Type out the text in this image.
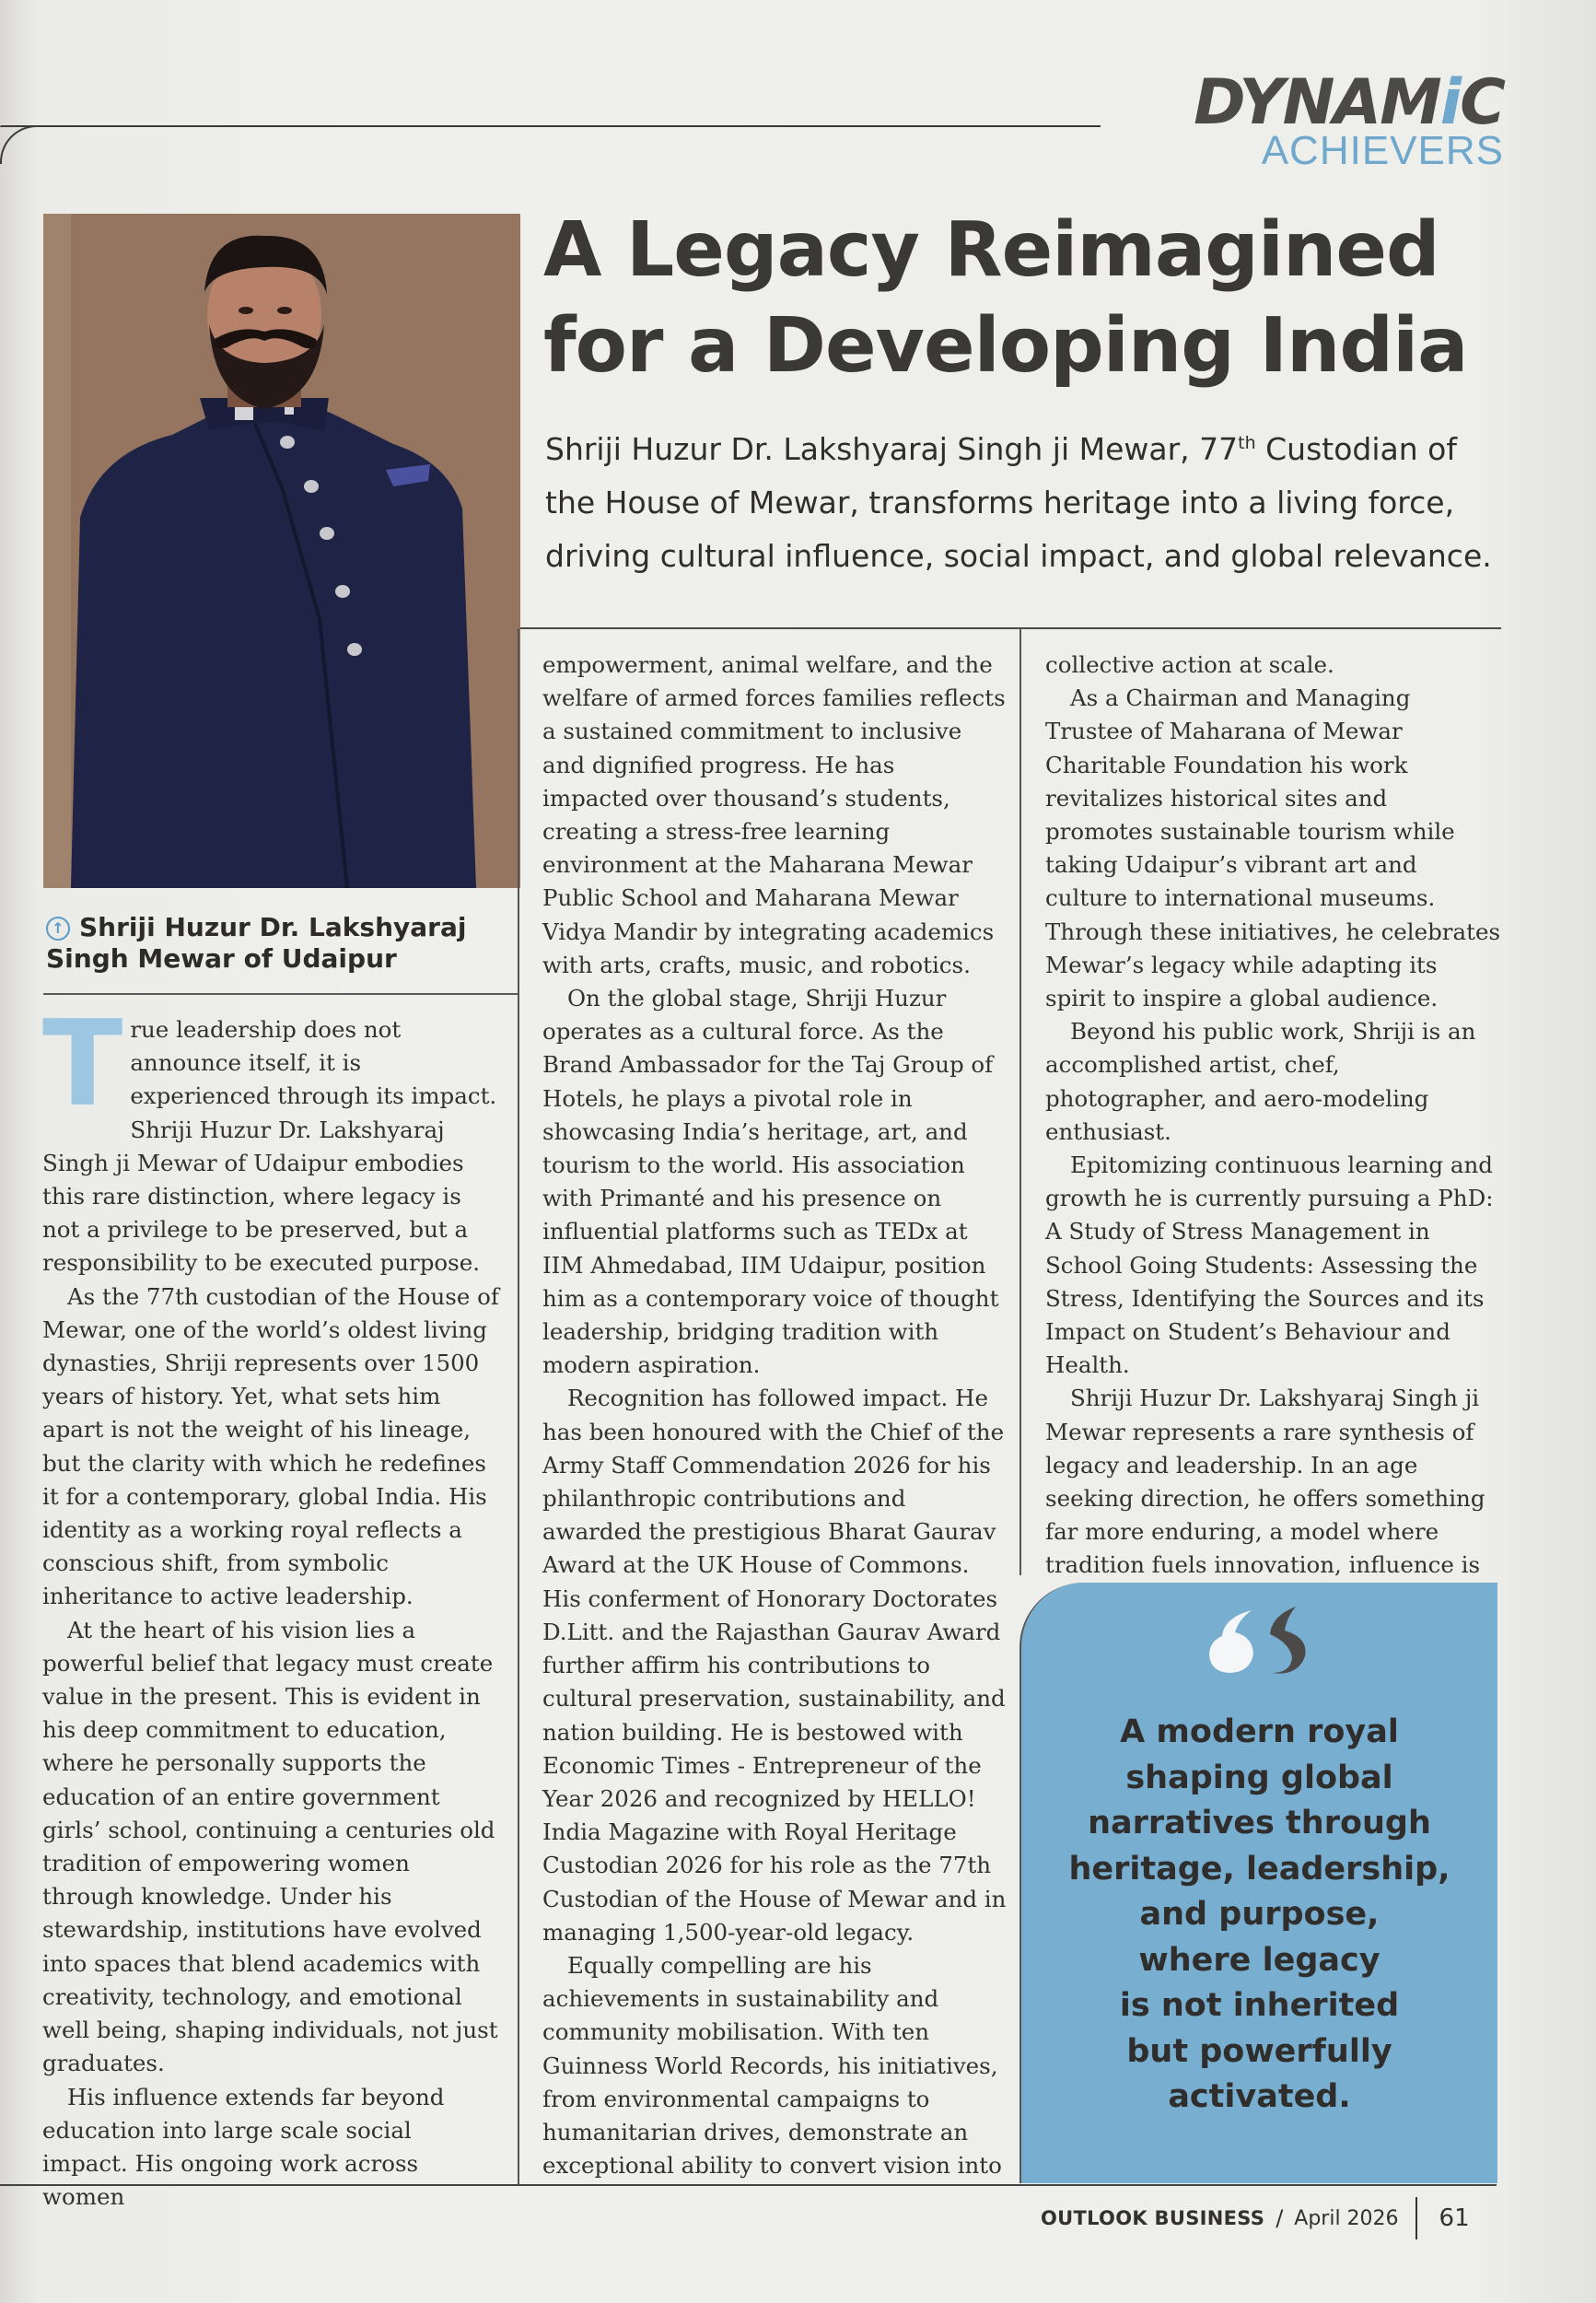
DYNAMiC
ACHIEVERS
↑ Shriji Huzur Dr. Lakshyaraj Singh Mewar of Udaipur
A Legacy Reimagined
for a Developing India
Shriji Huzur Dr. Lakshyaraj Singh ji Mewar, 77th Custodian of the House of Mewar, transforms heritage into a living force, driving cultural influence, social impact, and global relevance.

True leadership does not announce itself, it is experienced through its impact. Shriji Huzur Dr. Lakshyaraj Singh ji Mewar of Udaipur embodies this rare distinction, where legacy is not a privilege to be preserved, but a responsibility to be executed purpose.

As the 77th custodian of the House of Mewar, one of the world’s oldest living dynasties, Shriji represents over 1500 years of history. Yet, what sets him apart is not the weight of his lineage, but the clarity with which he redefines it for a contemporary, global India. His identity as a working royal reflects a conscious shift, from symbolic inheritance to active leadership.

At the heart of his vision lies a powerful belief that legacy must create value in the present. This is evident in his deep commitment to education, where he personally supports the education of an entire government girls’ school, continuing a centuries old tradition of empowering women through knowledge. Under his stewardship, institutions have evolved into spaces that blend academics with creativity, technology, and emotional well being, shaping individuals, not just graduates.

His influence extends far beyond education into large scale social impact. His ongoing work across women

empowerment, animal welfare, and the welfare of armed forces families reflects a sustained commitment to inclusive and dignified progress. He has impacted over thousand’s students, creating a stress-free learning environment at the Maharana Mewar Public School and Maharana Mewar Vidya Mandir by integrating academics with arts, crafts, music, and robotics.

On the global stage, Shriji Huzur operates as a cultural force. As the Brand Ambassador for the Taj Group of Hotels, he plays a pivotal role in showcasing India’s heritage, art, and tourism to the world. His association with Primanté and his presence on influential platforms such as TEDx at IIM Ahmedabad, IIM Udaipur, position him as a contemporary voice of thought leadership, bridging tradition with modern aspiration.

Recognition has followed impact. He has been honoured with the Chief of the Army Staff Commendation 2026 for his philanthropic contributions and awarded the prestigious Bharat Gaurav Award at the UK House of Commons. His conferment of Honorary Doctorates D.Litt. and the Rajasthan Gaurav Award further affirm his contributions to cultural preservation, sustainability, and nation building. He is bestowed with Economic Times - Entrepreneur of the Year 2026 and recognized by HELLO! India Magazine with Royal Heritage Custodian 2026 for his role as the 77th Custodian of the House of Mewar and in managing 1,500-year-old legacy.

Equally compelling are his achievements in sustainability and community mobilisation. With ten Guinness World Records, his initiatives, from environmental campaigns to humanitarian drives, demonstrate an exceptional ability to convert vision into

collective action at scale.

As a Chairman and Managing Trustee of Maharana of Mewar Charitable Foundation his work revitalizes historical sites and promotes sustainable tourism while taking Udaipur’s vibrant art and culture to international museums. Through these initiatives, he celebrates Mewar’s legacy while adapting its spirit to inspire a global audience.

Beyond his public work, Shriji is an accomplished artist, chef, photographer, and aero-modeling enthusiast.

Epitomizing continuous learning and growth he is currently pursuing a PhD: A Study of Stress Management in School Going Students: Assessing the Stress, Identifying the Sources and its Impact on Student’s Behaviour and Health.

Shriji Huzur Dr. Lakshyaraj Singh ji Mewar represents a rare synthesis of legacy and leadership. In an age seeking direction, he offers something far more enduring, a model where tradition fuels innovation, influence is

A modern royal
shaping global
narratives through
heritage, leadership,
and purpose,
where legacy
is not inherited
but powerfully
activated.
OUTLOOK BUSINESS / April 2026 61
